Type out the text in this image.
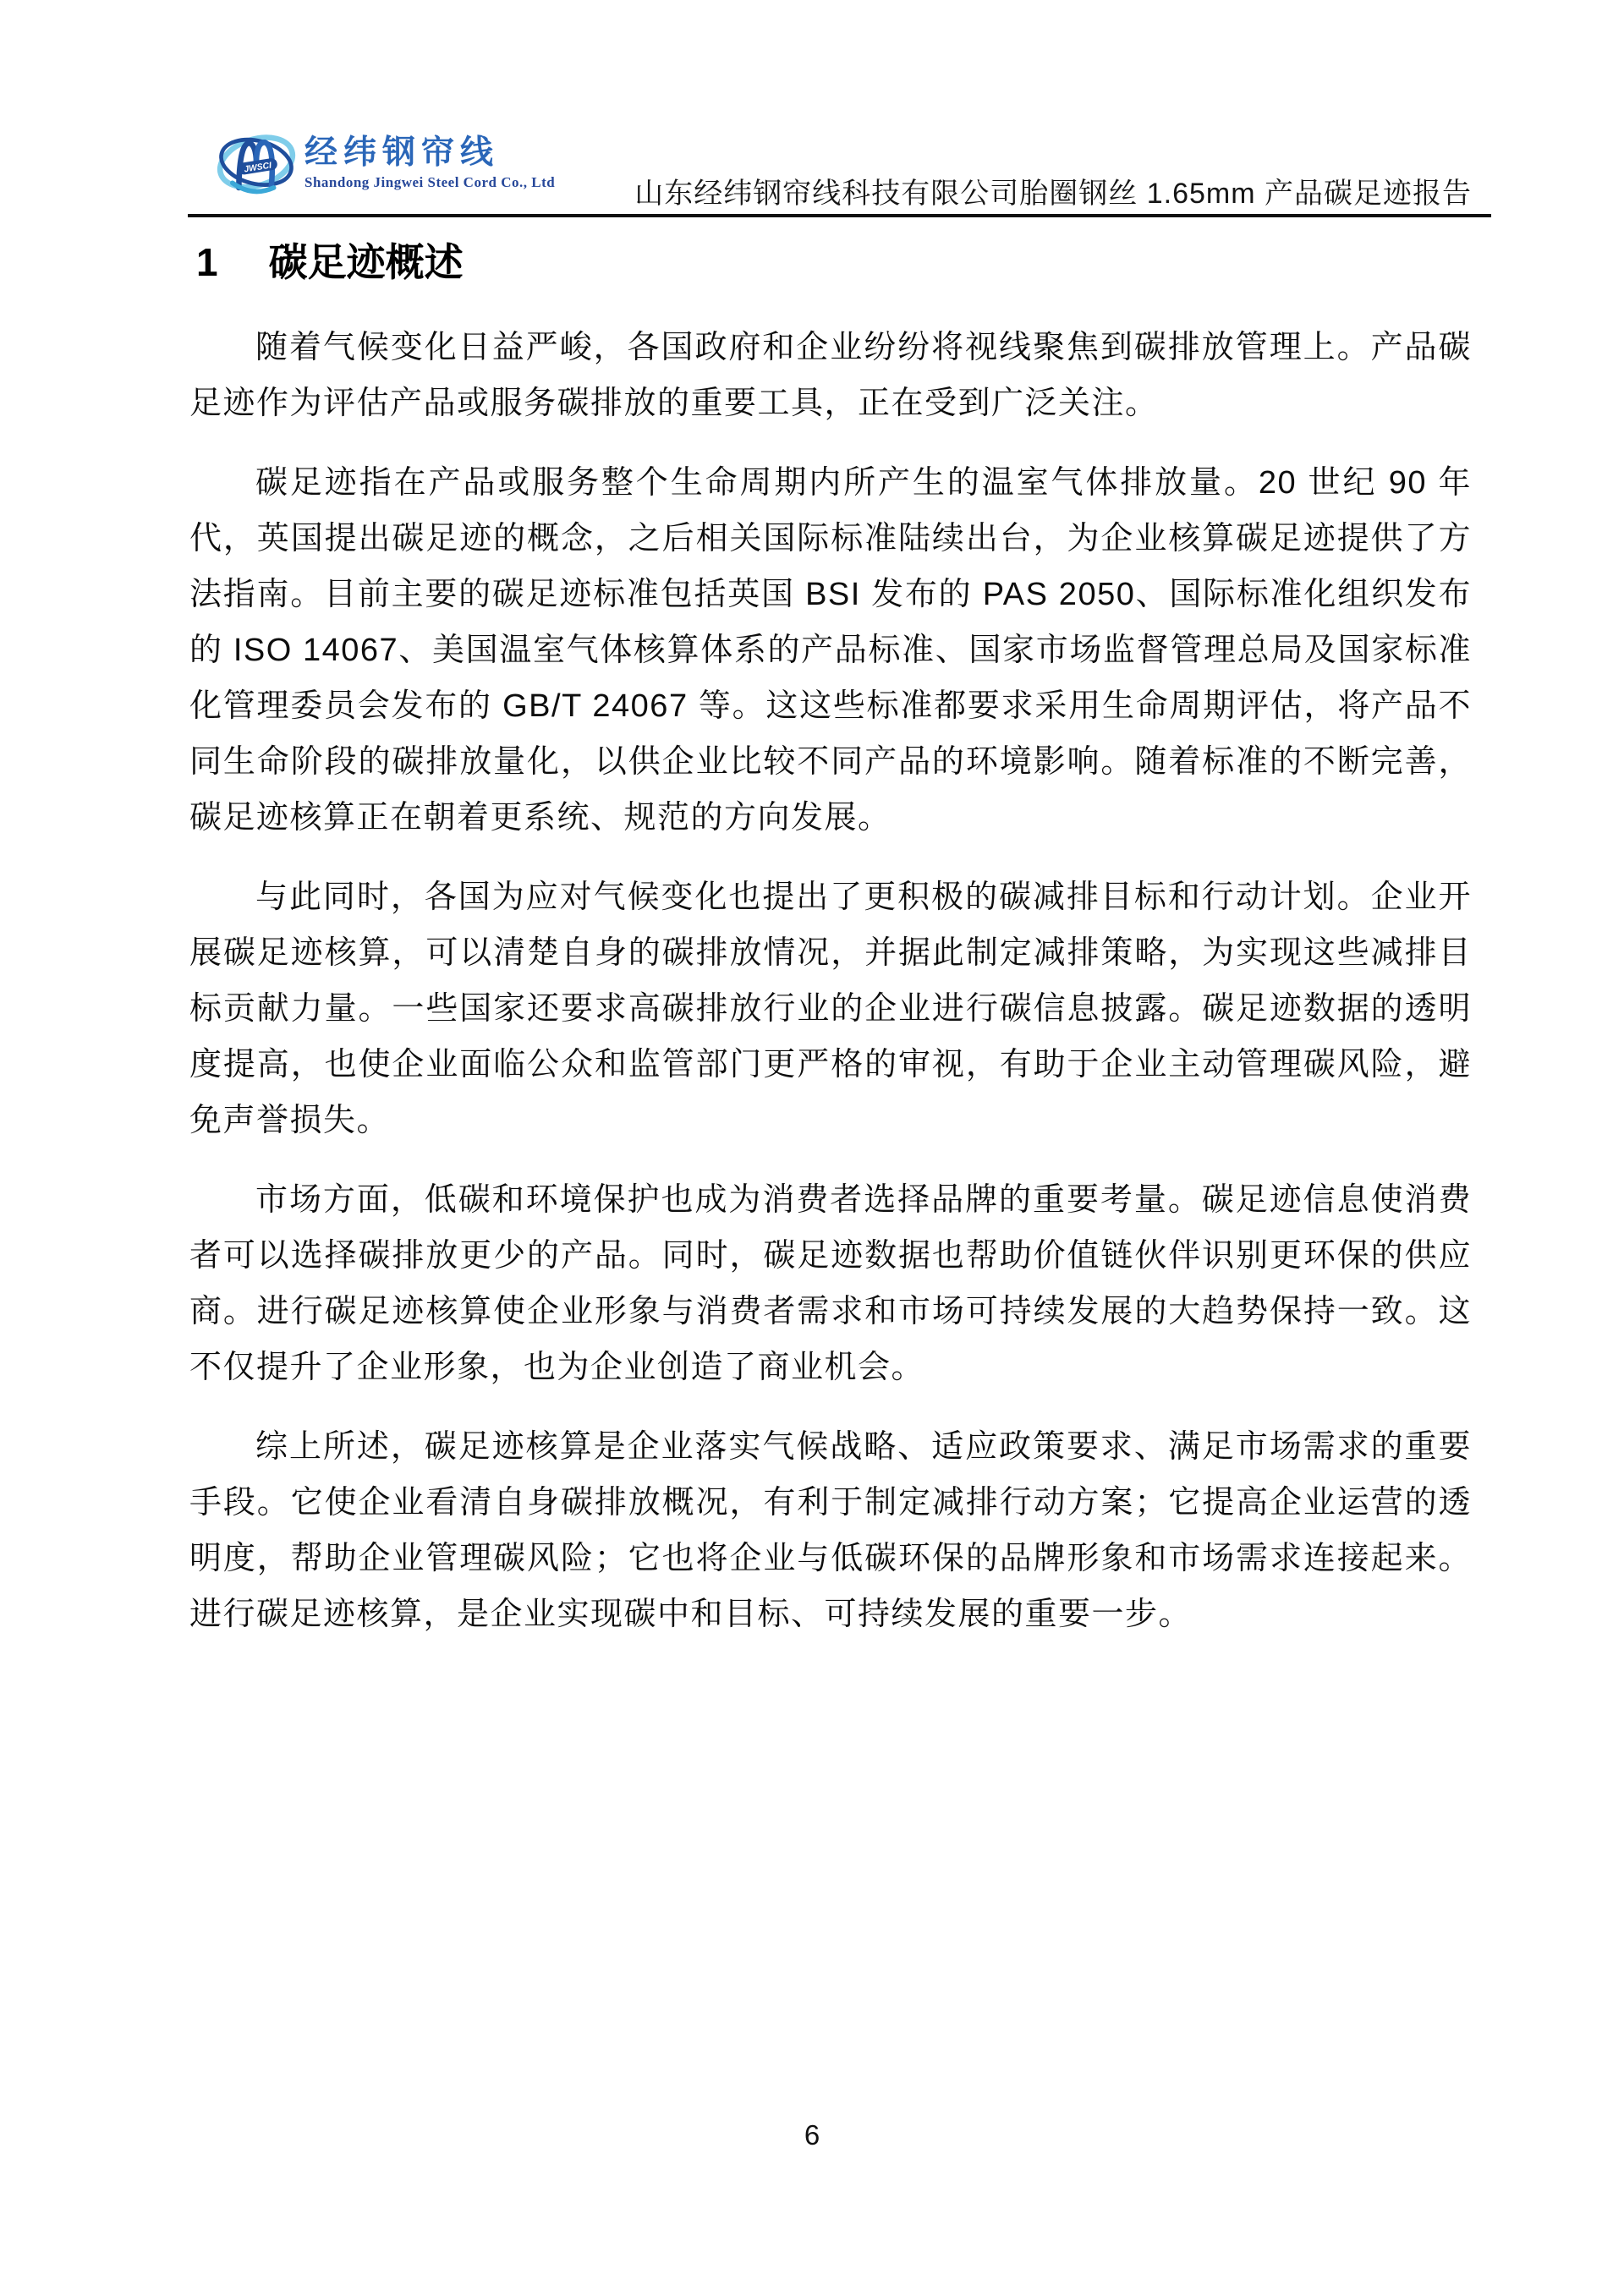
JWSCI 经纬钢帘线
Shandong Jingwei Steel Cord Co., Ltd	山东经纬钢帘线科技有限公司胎圈钢丝 1.65mm 产品碳足迹报告
1 碳足迹概述

随着气候变化日益严峻，各国政府和企业纷纷将视线聚焦到碳排放管理上。产品碳足迹作为评估产品或服务碳排放的重要工具，正在受到广泛关注。

碳足迹指在产品或服务整个生命周期内所产生的温室气体排放量。20 世纪 90 年代，英国提出碳足迹的概念，之后相关国际标准陆续出台，为企业核算碳足迹提供了方法指南。目前主要的碳足迹标准包括英国 BSI 发布的 PAS 2050、国际标准化组织发布的 ISO 14067、美国温室气体核算体系的产品标准、国家市场监督管理总局及国家标准化管理委员会发布的 GB/T 24067 等。这这些标准都要求采用生命周期评估，将产品不同生命阶段的碳排放量化，以供企业比较不同产品的环境影响。随着标准的不断完善，碳足迹核算正在朝着更系统、规范的方向发展。

与此同时，各国为应对气候变化也提出了更积极的碳减排目标和行动计划。企业开展碳足迹核算，可以清楚自身的碳排放情况，并据此制定减排策略，为实现这些减排目标贡献力量。一些国家还要求高碳排放行业的企业进行碳信息披露。碳足迹数据的透明度提高，也使企业面临公众和监管部门更严格的审视，有助于企业主动管理碳风险，避免声誉损失。

市场方面，低碳和环境保护也成为消费者选择品牌的重要考量。碳足迹信息使消费者可以选择碳排放更少的产品。同时，碳足迹数据也帮助价值链伙伴识别更环保的供应商。进行碳足迹核算使企业形象与消费者需求和市场可持续发展的大趋势保持一致。这不仅提升了企业形象，也为企业创造了商业机会。

综上所述，碳足迹核算是企业落实气候战略、适应政策要求、满足市场需求的重要手段。它使企业看清自身碳排放概况，有利于制定减排行动方案；它提高企业运营的透明度，帮助企业管理碳风险；它也将企业与低碳环保的品牌形象和市场需求连接起来。进行碳足迹核算，是企业实现碳中和目标、可持续发展的重要一步。

6
